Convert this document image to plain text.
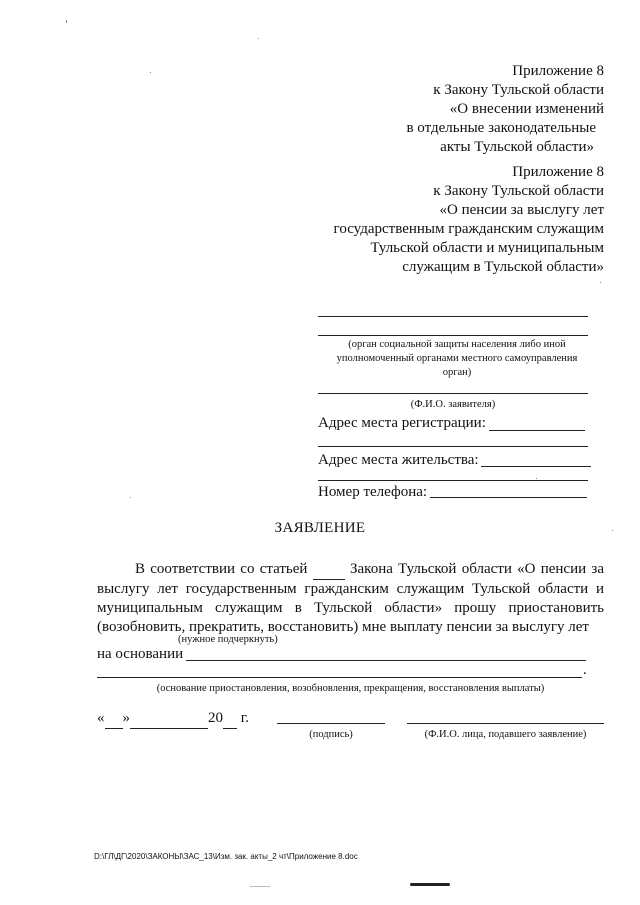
Приложение 8
к Закону Тульской области
«О внесении изменений
в отдельные законодательные
акты Тульской области»
Приложение 8
к Закону Тульской области
«О пенсии за выслугу лет
государственным гражданским служащим
Тульской области и муниципальным
служащим в Тульской области»
(орган социальной защиты населения либо иной
уполномоченный органами местного самоуправления
орган)
(Ф.И.О. заявителя)
Адрес места регистрации:
Адрес места жительства:
Номер телефона:
ЗАЯВЛЕНИЕ
В соответствии со статьей	Закона Тульской области «О пенсии за
выслугу лет государственным гражданским служащим Тульской области и
муниципальным служащим в Тульской области» прошу приостановить
(возобновить, прекратить, восстановить) мне выплату пенсии за выслугу лет
(нужное подчеркнуть)
на основании
.
(основание приостановления, возобновления, прекращения, восстановления выплаты)
« »	20 г.
(подпись)	(Ф.И.О. лица, подавшего заявление)
D:\ГЛ\ДГ\2020\ЗАКОНЫ\ЗАС_13\Изм. зак. акты_2 чт\Приложение 8.doc
